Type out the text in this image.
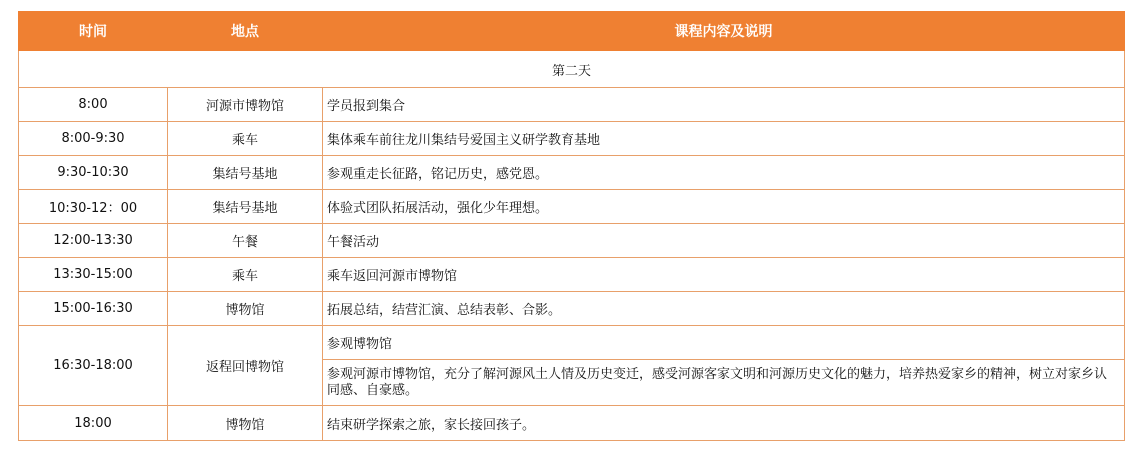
时间	地点	课程内容及说明
第二天		
8:00	河源市博物馆	学员报到集合
8:00-9:30	乘车	集体乘车前往龙川集结号爱国主义研学教育基地
9:30-10:30	集结号基地	参观重走长征路，铭记历史，感党恩。
10:30-12：00	集结号基地	体验式团队拓展活动，强化少年理想。
12:00-13:30	午餐	午餐活动
13:30-15:00	乘车	乘车返回河源市博物馆
15:00-16:30	博物馆	拓展总结，结营汇演、总结表彰、合影。
16:30-18:00	返程回博物馆	参观博物馆
		参观河源市博物馆，充分了解河源风土人情及历史变迁，感受河源客家文明和河源历史文化的魅力，培养热爱家乡的精神，树立对家乡认同感、自豪感。
18:00	博物馆	结束研学探索之旅，家长接回孩子。
